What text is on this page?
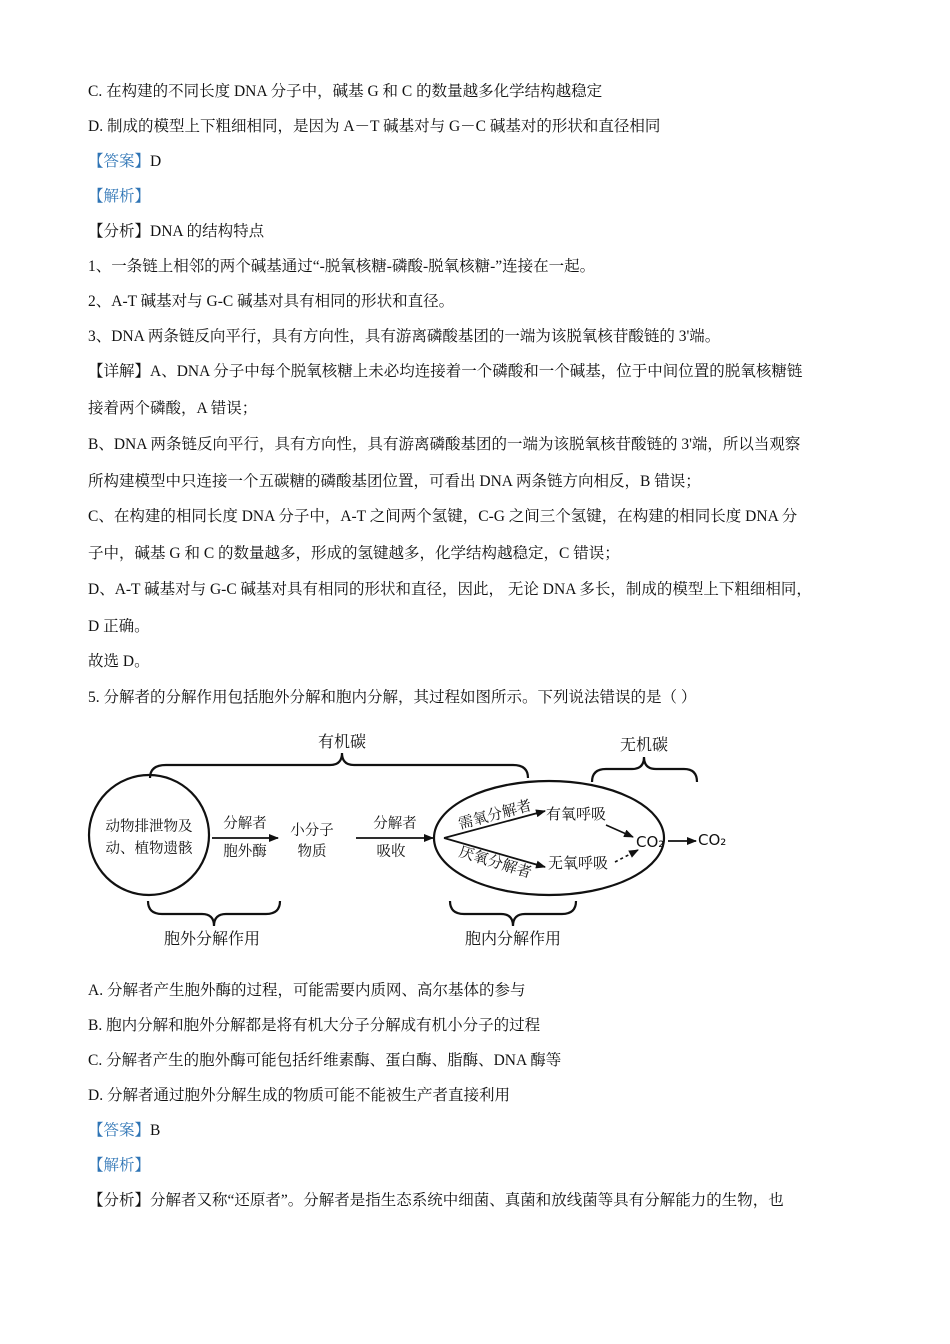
C. 在构建的不同长度 DNA 分子中，碱基 G 和 C 的数量越多化学结构越稳定
D. 制成的模型上下粗细相同，是因为 A－T 碱基对与 G－C 碱基对的形状和直径相同
【答案】D
【解析】
【分析】DNA 的结构特点
1、一条链上相邻的两个碱基通过“-脱氧核糖-磷酸-脱氧核糖-”连接在一起。
2、A-T 碱基对与 G-C 碱基对具有相同的形状和直径。
3、DNA 两条链反向平行，具有方向性，具有游离磷酸基团的一端为该脱氧核苷酸链的 3'端。
【详解】A、DNA 分子中每个脱氧核糖上未必均连接着一个磷酸和一个碱基，位于中间位置的脱氧核糖链
接着两个磷酸，A 错误；
B、DNA 两条链反向平行，具有方向性，具有游离磷酸基团的一端为该脱氧核苷酸链的 3'端，所以当观察
所构建模型中只连接一个五碳糖的磷酸基团位置，可看出 DNA 两条链方向相反，B 错误；
C、在构建的相同长度 DNA 分子中，A-T 之间两个氢键，C-G 之间三个氢键，在构建的相同长度 DNA 分
子中，碱基 G 和 C 的数量越多，形成的氢键越多，化学结构越稳定，C 错误；
D、A-T 碱基对与 G-C 碱基对具有相同的形状和直径，因此， 无论 DNA 多长，制成的模型上下粗细相同，
D 正确。
故选 D。
5. 分解者的分解作用包括胞外分解和胞内分解，其过程如图所示。下列说法错误的是（ ）
有机碳	无机碳
动物排泄物及
动、植物遗骸
分解者
胞外酶
小分子
物质
分解者
吸收
需氧分解者
厌氧分解者
有氧呼吸
无氧呼吸
CO₂ CO₂
胞外分解作用	胞内分解作用
A. 分解者产生胞外酶的过程，可能需要内质网、高尔基体的参与
B. 胞内分解和胞外分解都是将有机大分子分解成有机小分子的过程
C. 分解者产生的胞外酶可能包括纤维素酶、蛋白酶、脂酶、DNA 酶等
D. 分解者通过胞外分解生成的物质可能不能被生产者直接利用
【答案】B
【解析】
【分析】分解者又称“还原者”。分解者是指生态系统中细菌、真菌和放线菌等具有分解能力的生物，也
